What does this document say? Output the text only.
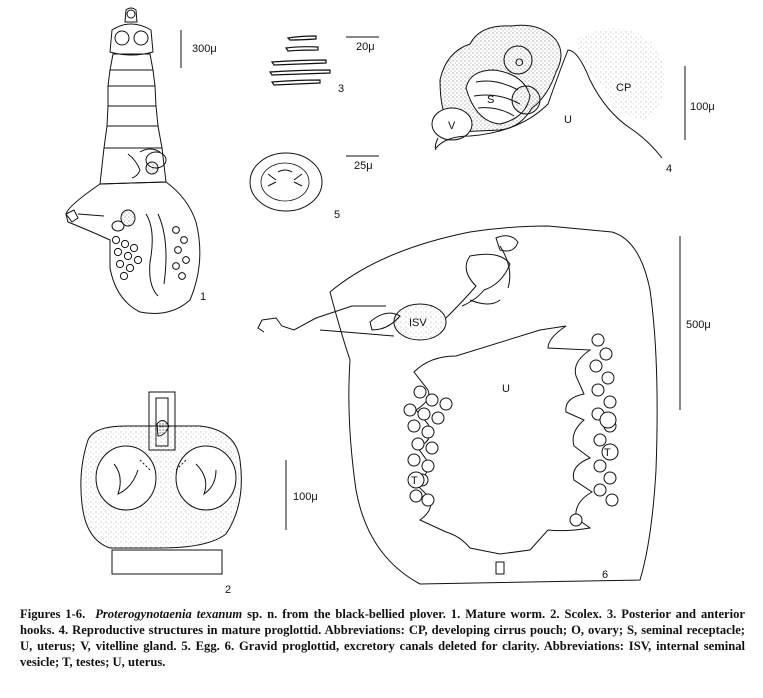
300μ
1
100μ
2
20μ
3
O
S
V	U
CP
100μ
4
25μ
5
ISV
U
T
T
500μ
6
Figures 1-6. Proterogynotaenia texanum sp. n. from the black-bellied plover. 1. Mature worm. 2. Scolex. 3. Posterior and anterior hooks. 4. Reproductive structures in mature proglottid. Abbreviations: CP, developing cirrus pouch; O, ovary; S, seminal receptacle; U, uterus; V, vitelline gland. 5. Egg. 6. Gravid proglottid, excretory canals deleted for clarity. Abbreviations: ISV, internal seminal vesicle; T, testes; U, uterus.
